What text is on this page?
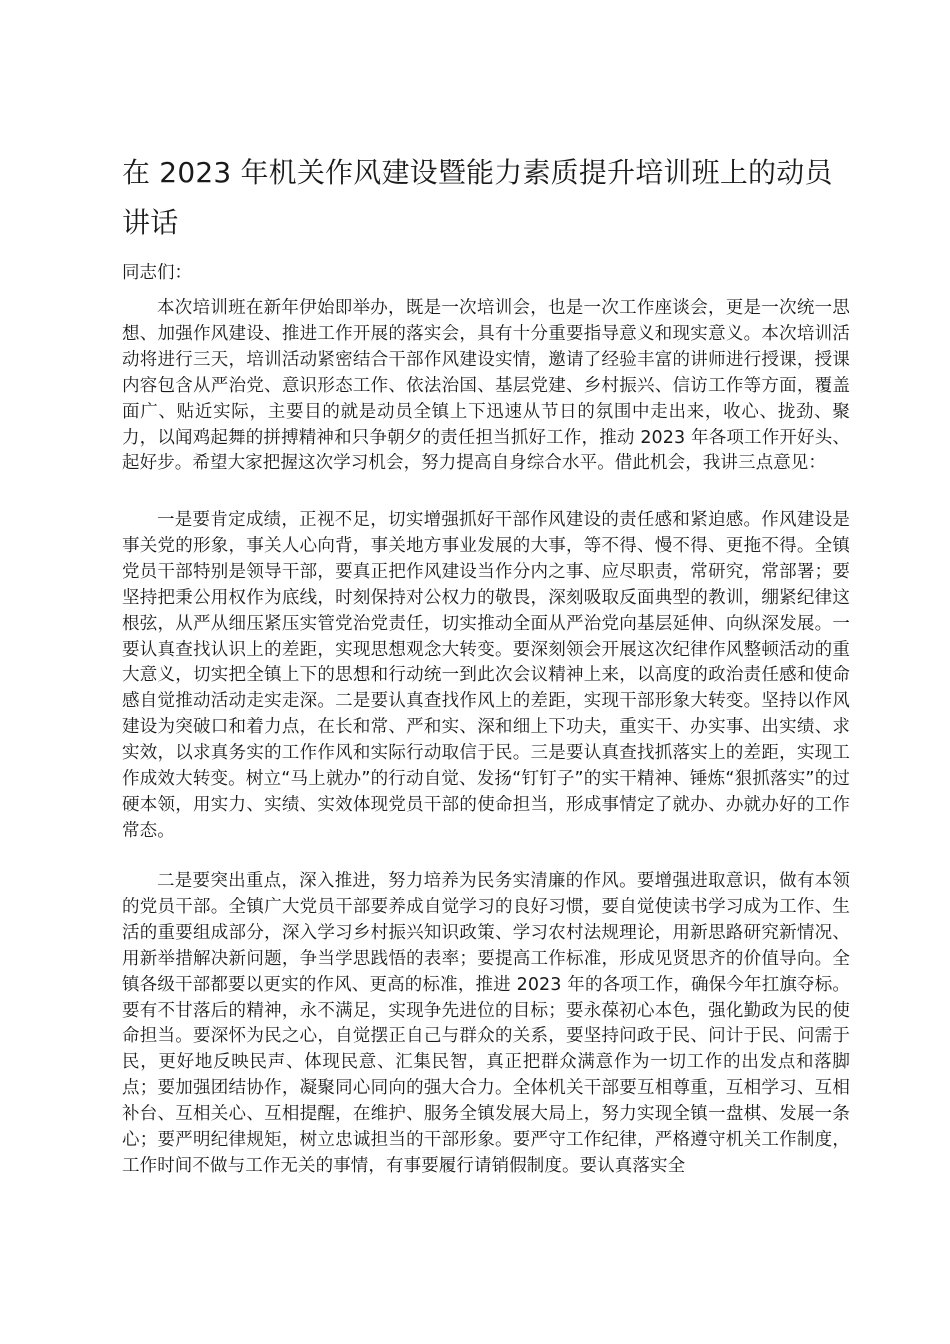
在 2023 年机关作风建设暨能力素质提升培训班上的动员讲话

同志们：

本次培训班在新年伊始即举办，既是一次培训会，也是一次工作座谈会，更是一次统一思想、加强作风建设、推进工作开展的落实会，具有十分重要指导意义和现实意义。本次培训活动将进行三天，培训活动紧密结合干部作风建设实情，邀请了经验丰富的讲师进行授课，授课内容包含从严治党、意识形态工作、依法治国、基层党建、乡村振兴、信访工作等方面，覆盖面广、贴近实际，主要目的就是动员全镇上下迅速从节日的氛围中走出来，收心、拢劲、聚力，以闻鸡起舞的拼搏精神和只争朝夕的责任担当抓好工作，推动 2023 年各项工作开好头、起好步。希望大家把握这次学习机会，努力提高自身综合水平。借此机会，我讲三点意见：

一是要肯定成绩，正视不足，切实增强抓好干部作风建设的责任感和紧迫感。作风建设是事关党的形象，事关人心向背，事关地方事业发展的大事，等不得、慢不得、更拖不得。全镇党员干部特别是领导干部，要真正把作风建设当作分内之事、应尽职责，常研究，常部署；要坚持把秉公用权作为底线，时刻保持对公权力的敬畏，深刻吸取反面典型的教训，绷紧纪律这根弦，从严从细压紧压实管党治党责任，切实推动全面从严治党向基层延伸、向纵深发展。一要认真查找认识上的差距，实现思想观念大转变。要深刻领会开展这次纪律作风整顿活动的重大意义，切实把全镇上下的思想和行动统一到此次会议精神上来，以高度的政治责任感和使命感自觉推动活动走实走深。二是要认真查找作风上的差距，实现干部形象大转变。坚持以作风建设为突破口和着力点，在长和常、严和实、深和细上下功夫，重实干、办实事、出实绩、求实效，以求真务实的工作作风和实际行动取信于民。三是要认真查找抓落实上的差距，实现工作成效大转变。树立“马上就办”的行动自觉、发扬“钉钉子”的实干精神、锤炼“狠抓落实”的过硬本领，用实力、实绩、实效体现党员干部的使命担当，形成事情定了就办、办就办好的工作常态。

二是要突出重点，深入推进，努力培养为民务实清廉的作风。要增强进取意识，做有本领的党员干部。全镇广大党员干部要养成自觉学习的良好习惯，要自觉使读书学习成为工作、生活的重要组成部分，深入学习乡村振兴知识政策、学习农村法规理论，用新思路研究新情况、用新举措解决新问题，争当学思践悟的表率；要提高工作标准，形成见贤思齐的价值导向。全镇各级干部都要以更实的作风、更高的标准，推进 2023 年的各项工作，确保今年扛旗夺标。要有不甘落后的精神，永不满足，实现争先进位的目标；要永葆初心本色，强化勤政为民的使命担当。要深怀为民之心，自觉摆正自己与群众的关系，要坚持问政于民、问计于民、问需于民，更好地反映民声、体现民意、汇集民智，真正把群众满意作为一切工作的出发点和落脚点；要加强团结协作，凝聚同心同向的强大合力。全体机关干部要互相尊重，互相学习、互相补台、互相关心、互相提醒，在维护、服务全镇发展大局上，努力实现全镇一盘棋、发展一条心；要严明纪律规矩，树立忠诚担当的干部形象。要严守工作纪律，严格遵守机关工作制度，工作时间不做与工作无关的事情，有事要履行请销假制度。要认真落实全
